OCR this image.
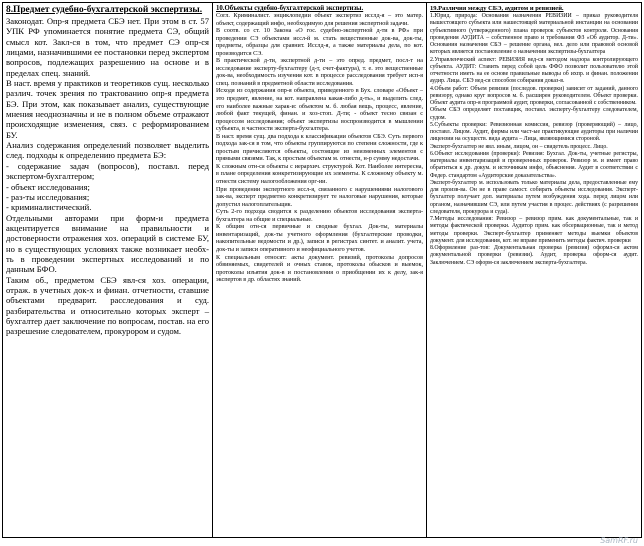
8.Предмет судебно-бухгалтерской экспертизы.

Законодат. Опр-я предмета СБЭ нет. При этом в ст. 57 УПК РФ упоминается понятие предмета СЭ, общий смысл кот. Закл-ся в том, что предмет СЭ опр-ся лицами, назначившими ее постановки перед экспертом вопросов, подлежащих разрешению на основе и в пределах спец. знаний.

В наст. время у практиков и теоретиков сущ. несколько различ. точек зрения по трактованию опр-я предмета БЭ. При этом, как показывает анализ, существующие мнения неоднозначны и не в полном объеме отражают происходящие изменения, связ. с реформированием БУ.

Анализ содержания определений позволяет выделить след. подходы к определению предмета БЭ:

- содержание задач (вопросов), поставл. перед экспертом-бухгалтером;

- объект исследования;

- раз-ты исследования;

- криминалистический.

Отдельными авторами при форм-и предмета акцентируется внимание на правильности и достоверности отражения хоз. операций в системе БУ, но в существующих условиях также возникает необх-ть в проведении экспертных исследований и по данным БФО.

Таким об., предметом СБЭ явл-ся хоз. операции, отраж. в учетных док-х и финан. отчетности, ставшие объектами предварит. расследования и суд. разбирательства и относительно которых эксперт – бухгалтер дает заключение по вопросам, постав. на его разрешение следователем, прокурором и судом.

10.Объекты судебно-бухгалтерской экспертизы.

Согл. Криминалист. энциклопедии объект экспертиз исслд-я – это матер. объект, содержащий инфо, необходимую для решения экспертной задачи.

В соотв. со ст. 10 Закона «О гос. судебно-экспертной д-ти в РФ» при проведении СЭ объектами иссл-й м. стать вещественные док-ва, док-ты, предметы, образцы для сравнит. Исслд-я, а также материалы дела, по кот. производится СЭ.

В практической д-ти, экспертной д-ти – это опред. предмет, посл-т на исследование эксперту-бухгалтеру (д-т, счет-фактура), т. е. это вещественные док-ва, необходимость изучения кот. в процессе расследования требует исп-я спец. познаний в предметной области исследования.

Исходя из содержания опр-я объекта, приведенного в Бух. словаре «Объект – это предмет, явление, на кот. направлена какая-либо д-ть», и выделить след. его наиболее важные харак-и: объектом м. б. любая вещь, процесс, явление, любой факт текущей, финан. и хоз-стоп. Д-ти; - объект тесно связан с процессом исследования; объект экспертизы воспроизводится в мышлении субъекта, в частности эксперта-бухгалтера.

В наст. время сущ. два подхода к классификации объектов СБЭ. Суть первого подхода зак-ся в том, что объекты группируются по степени сложности, где к простым причисляются объекты, состоящие из неизменных элементов с прямыми связями. Так, к простым объектам м. отнести, н-р сумму недостачи.

К сложным отн-ся объекты с иерархич. структурой. Кот. Наиболее интересна, в плане определения конкретизирующие их элементы. К сложному объекту м. отнести систему налогообложения орг-ии.

При проведении экспертного иссл-я, связанного с нарушениями налогового зак-ва, эксперт предметно конкретизирует те налоговые нарушения, которые допустил налогоплательщик.

Суть 2-го подхода сводится к разделению объектов исследования эксперта-бухгалтера на общие и специальные.

К общим отн-ся первичные и сводные бухгал. Док-ты, материалы инвентаризаций, док-ты учетного оформления (бухгалтерские проводки, накопительные ведомости и др.), записи в регистрах синтет. и аналит. учета, док-ты и записи оперативного и неофициального учетов.

К специальным относят: акты документ. ревизий, протоколы допросов обвиняемых, свидетелей и очных ставок, протоколы обысков и выемок, протоколы изъятия док-в и постановления о приобщении их к делу, зак-я экспертов в др. областях знаний.

19.Различия между СБЭ, аудитом и ревизией.

1.Юрид. природа: Основания назначения РЕВИЗИИ – приказ руководителя вышестоящего субъекта или нашестоящей материальной инстанции на основании субъективного (утвержденного) плана проверок субъектов контроля. Основания проведения АУДИТА – собственное право и требования ФЗ «Об аудитор. Д-ти». Основания назначения СБЭ – решение органа, вел. дело или правовой основой которых является постановление о назначении экспертизы-бухгалтера

2.Управленческий аспект: РЕВИЗИЯ вед-ся методом надзора контролирующего субъекта. АУДИТ: Ставить перед собой цель ФФО позволит пользователю этой отчетности иметь на ее основе правильные выводы об ихпр. и финан. положении аудир. Лица. СБЭ вед-ся способом собирания доказ-в.

4.Объем работ: Объем ревизии (последов. проверки) зависит от заданий, данного ревизору, однако круг вопросов м. б. расширен руководителем. Объект проверки. Объект аудита опр-я программой аудит, проверки, согласованной с собственником.

Объем СБЭ определяет поставщик, поставл. эксперту-бухгалтеру следователем, судом.

5.Субъекты проверки: Ревизионная комиссия, ревизор (проверяющий) – лицо, поставл. Лицом. Аудит, фирмы или част-ые практикующие аудиторы при наличии лицензии на осуществ. вида аудита – Лица, являющимися стороной.

Эксперт-бухгалтер не явл. иным, лицом, он – свидетель процесс. Лицо.

6.Объект исследования (проверки): Ревизия: Бухгал. Док-ты, учетные регистры, материалы инвентаризаций и проверенных проверок. Ревизор м. и имеет право обратиться к др. докум. и источникам инфо, объяснения. Аудит в соответствии с Федер. стандартом «Аудиторские доказательства».

Эксперт-бухгалтер м. использовать только материалы дела, предоставленные ему для произв-ва. Он не в праве самост. собирать объекты исследования. Эксперт-бухгалтер получает доп. материалы путем возбуждения хода. перед лицом или органом, назначившим СЭ, или путем участия в процес. действиях (с разрешения следователя, прокурора и суда).

7.Методы исследования: Ревизор – ревизор прим. как документальные, так и методы фактической проверки. Аудитор прим. как обсервационные, так и метод методы проверки. Эксперт-бухгалтер применяет методы выемки объектов документ. для исследования, кот. не вправе применить методы фактич. проверки

8.Оформление раз-тов: Документальная проверка (ревизия) оформл-ся актом документальной проверки (ревизии). Аудит, проверка оформ-ся аудит. Заключением. СЭ оформ-ся заключением эксперта-бухгалтера.

SamRF.ru
